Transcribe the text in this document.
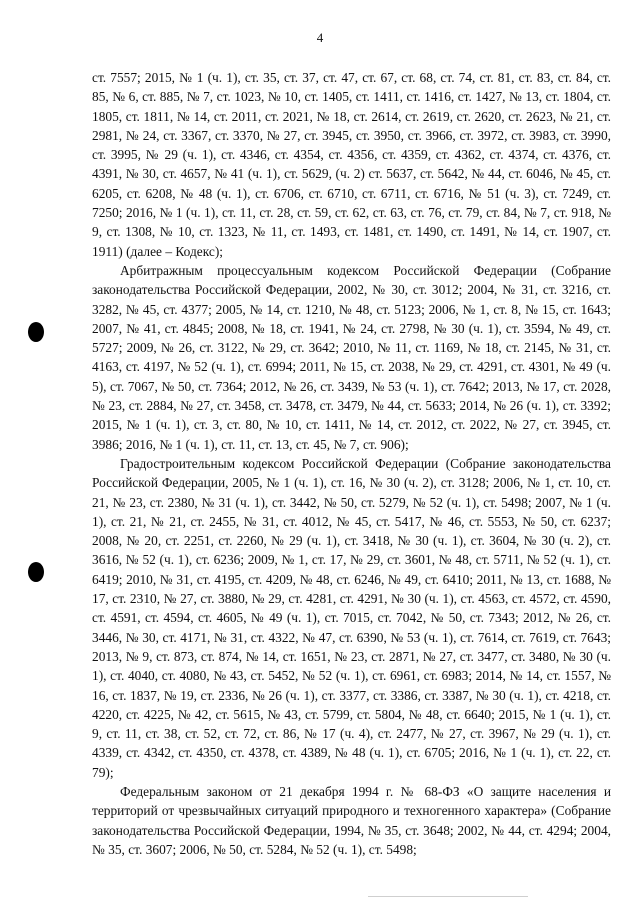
4

ст. 7557; 2015, № 1 (ч. 1), ст. 35, ст. 37, ст. 47, ст. 67, ст. 68, ст. 74, ст. 81, ст. 83, ст. 84, ст. 85, № 6, ст. 885, № 7, ст. 1023, № 10, ст. 1405, ст. 1411, ст. 1416, ст. 1427, № 13, ст. 1804, ст. 1805, ст. 1811, № 14, ст. 2011, ст. 2021, № 18, ст. 2614, ст. 2619, ст. 2620, ст. 2623, № 21, ст. 2981, № 24, ст. 3367, ст. 3370, № 27, ст. 3945, ст. 3950, ст. 3966, ст. 3972, ст. 3983, ст. 3990, ст. 3995, № 29 (ч. 1), ст. 4346, ст. 4354, ст. 4356, ст. 4359, ст. 4362, ст. 4374, ст. 4376, ст. 4391, № 30, ст. 4657, № 41 (ч. 1), ст. 5629, (ч. 2) ст. 5637, ст. 5642, № 44, ст. 6046, № 45, ст. 6205, ст. 6208, № 48 (ч. 1), ст. 6706, ст. 6710, ст. 6711, ст. 6716, № 51 (ч. 3), ст. 7249, ст. 7250; 2016, № 1 (ч. 1), ст. 11, ст. 28, ст. 59, ст. 62, ст. 63, ст. 76, ст. 79, ст. 84, № 7, ст. 918, № 9, ст. 1308, № 10, ст. 1323, № 11, ст. 1493, ст. 1481, ст. 1490, ст. 1491, № 14, ст. 1907, ст. 1911) (далее – Кодекс);

Арбитражным процессуальным кодексом Российской Федерации (Собрание законодательства Российской Федерации, 2002, № 30, ст. 3012; 2004, № 31, ст. 3216, ст. 3282, № 45, ст. 4377; 2005, № 14, ст. 1210, № 48, ст. 5123; 2006, № 1, ст. 8, № 15, ст. 1643; 2007, № 41, ст. 4845; 2008, № 18, ст. 1941, № 24, ст. 2798, № 30 (ч. 1), ст. 3594, № 49, ст. 5727; 2009, № 26, ст. 3122, № 29, ст. 3642; 2010, № 11, ст. 1169, № 18, ст. 2145, № 31, ст. 4163, ст. 4197, № 52 (ч. 1), ст. 6994; 2011, № 15, ст. 2038, № 29, ст. 4291, ст. 4301, № 49 (ч. 5), ст. 7067, № 50, ст. 7364; 2012, № 26, ст. 3439, № 53 (ч. 1), ст. 7642; 2013, № 17, ст. 2028, № 23, ст. 2884, № 27, ст. 3458, ст. 3478, ст. 3479, № 44, ст. 5633; 2014, № 26 (ч. 1), ст. 3392; 2015, № 1 (ч. 1), ст. 3, ст. 80, № 10, ст. 1411, № 14, ст. 2012, ст. 2022, № 27, ст. 3945, ст. 3986; 2016, № 1 (ч. 1), ст. 11, ст. 13, ст. 45, № 7, ст. 906);

Градостроительным кодексом Российской Федерации (Собрание законодательства Российской Федерации, 2005, № 1 (ч. 1), ст. 16, № 30 (ч. 2), ст. 3128; 2006, № 1, ст. 10, ст. 21, № 23, ст. 2380, № 31 (ч. 1), ст. 3442, № 50, ст. 5279, № 52 (ч. 1), ст. 5498; 2007, № 1 (ч. 1), ст. 21, № 21, ст. 2455, № 31, ст. 4012, № 45, ст. 5417, № 46, ст. 5553, № 50, ст. 6237; 2008, № 20, ст. 2251, ст. 2260, № 29 (ч. 1), ст. 3418, № 30 (ч. 1), ст. 3604, № 30 (ч. 2), ст. 3616, № 52 (ч. 1), ст. 6236; 2009, № 1, ст. 17, № 29, ст. 3601, № 48, ст. 5711, № 52 (ч. 1), ст. 6419; 2010, № 31, ст. 4195, ст. 4209, № 48, ст. 6246, № 49, ст. 6410; 2011, № 13, ст. 1688, № 17, ст. 2310, № 27, ст. 3880, № 29, ст. 4281, ст. 4291, № 30 (ч. 1), ст. 4563, ст. 4572, ст. 4590, ст. 4591, ст. 4594, ст. 4605, № 49 (ч. 1), ст. 7015, ст. 7042, № 50, ст. 7343; 2012, № 26, ст. 3446, № 30, ст. 4171, № 31, ст. 4322, № 47, ст. 6390, № 53 (ч. 1), ст. 7614, ст. 7619, ст. 7643; 2013, № 9, ст. 873, ст. 874, № 14, ст. 1651, № 23, ст. 2871, № 27, ст. 3477, ст. 3480, № 30 (ч. 1), ст. 4040, ст. 4080, № 43, ст. 5452, № 52 (ч. 1), ст. 6961, ст. 6983; 2014, № 14, ст. 1557, № 16, ст. 1837, № 19, ст. 2336, № 26 (ч. 1), ст. 3377, ст. 3386, ст. 3387, № 30 (ч. 1), ст. 4218, ст. 4220, ст. 4225, № 42, ст. 5615, № 43, ст. 5799, ст. 5804, № 48, ст. 6640; 2015, № 1 (ч. 1), ст. 9, ст. 11, ст. 38, ст. 52, ст. 72, ст. 86, № 17 (ч. 4), ст. 2477, № 27, ст. 3967, № 29 (ч. 1), ст. 4339, ст. 4342, ст. 4350, ст. 4378, ст. 4389, № 48 (ч. 1), ст. 6705; 2016, № 1 (ч. 1), ст. 22, ст. 79);

Федеральным законом от 21 декабря 1994 г. № 68-ФЗ «О защите населения и территорий от чрезвычайных ситуаций природного и техногенного характера» (Собрание законодательства Российской Федерации, 1994, № 35, ст. 3648; 2002, № 44, ст. 4294; 2004, № 35, ст. 3607; 2006, № 50, ст. 5284, № 52 (ч. 1), ст. 5498;
